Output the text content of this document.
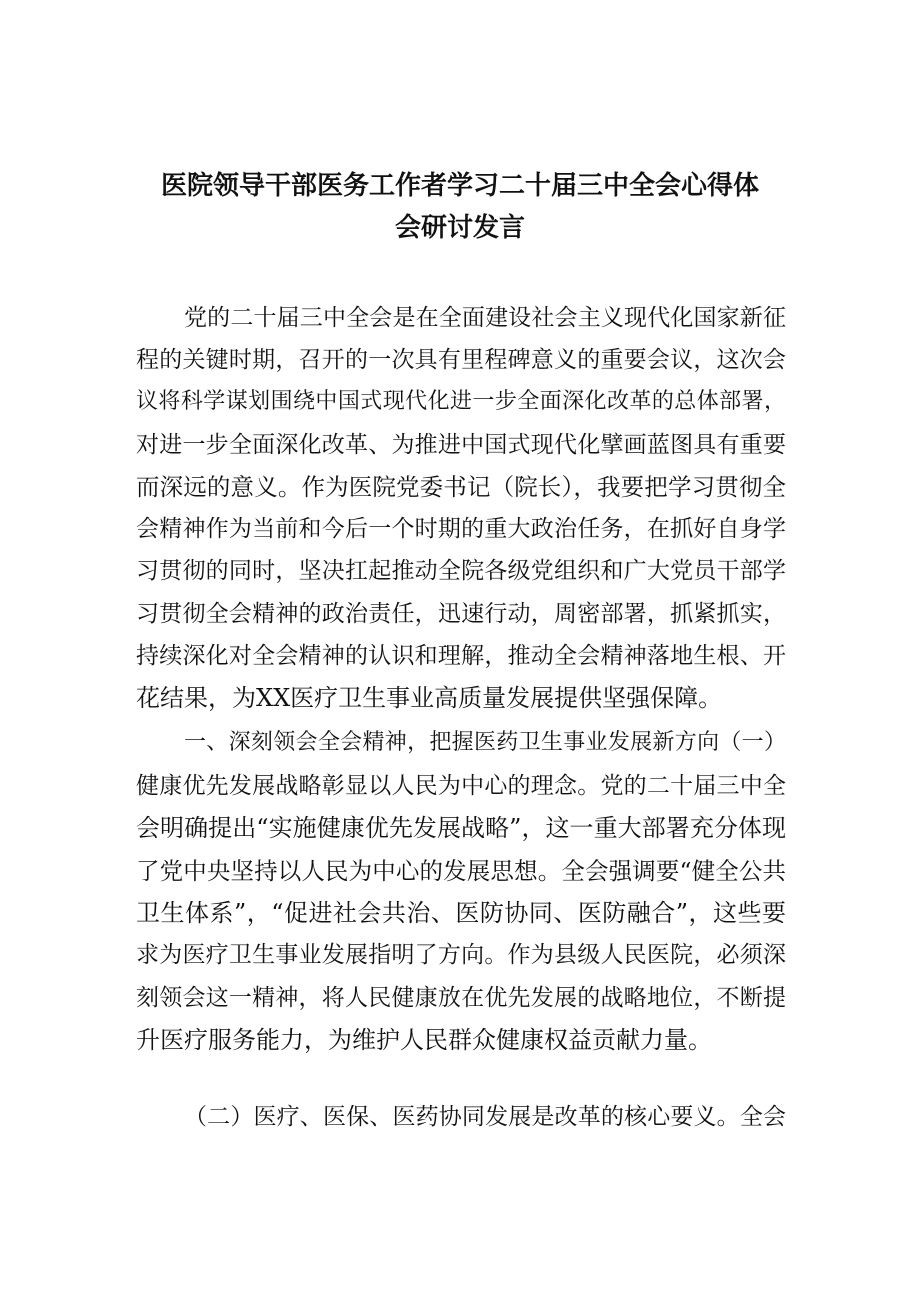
医院领导干部医务工作者学习二十届三中全会心得体
会研讨发言
党的二十届三中全会是在全面建设社会主义现代化国家新征
程的关键时期，召开的一次具有里程碑意义的重要会议，这次会
议将科学谋划围绕中国式现代化进一步全面深化改革的总体部署，
对进一步全面深化改革、为推进中国式现代化擘画蓝图具有重要
而深远的意义。作为医院党委书记（院长），我要把学习贯彻全
会精神作为当前和今后一个时期的重大政治任务，在抓好自身学
习贯彻的同时，坚决扛起推动全院各级党组织和广大党员干部学
习贯彻全会精神的政治责任，迅速行动，周密部署，抓紧抓实，
持续深化对全会精神的认识和理解，推动全会精神落地生根、开
花结果，为XX医疗卫生事业高质量发展提供坚强保障。
一、深刻领会全会精神，把握医药卫生事业发展新方向（一）
健康优先发展战略彰显以人民为中心的理念。党的二十届三中全
会明确提出“实施健康优先发展战略”，这一重大部署充分体现
了党中央坚持以人民为中心的发展思想。全会强调要“健全公共
卫生体系”，“促进社会共治、医防协同、医防融合”，这些要
求为医疗卫生事业发展指明了方向。作为县级人民医院，必须深
刻领会这一精神，将人民健康放在优先发展的战略地位，不断提
升医疗服务能力，为维护人民群众健康权益贡献力量。
（二）医疗、医保、医药协同发展是改革的核心要义。全会
